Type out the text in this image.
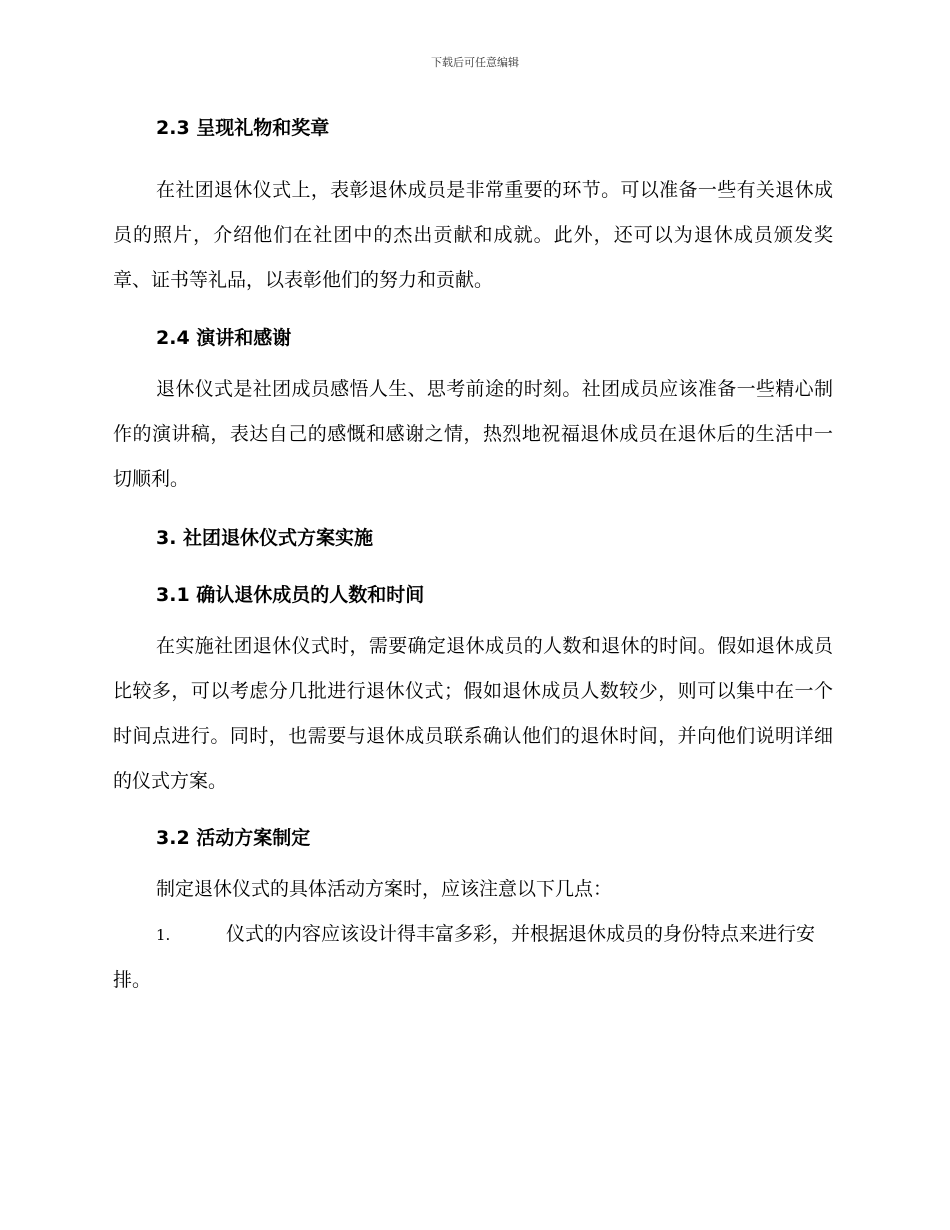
下载后可任意编辑
2.3 呈现礼物和奖章

在社团退休仪式上，表彰退休成员是非常重要的环节。可以准备一些有关退休成员的照片，介绍他们在社团中的杰出贡献和成就。此外，还可以为退休成员颁发奖章、证书等礼品，以表彰他们的努力和贡献。

2.4 演讲和感谢

退休仪式是社团成员感悟人生、思考前途的时刻。社团成员应该准备一些精心制作的演讲稿，表达自己的感慨和感谢之情，热烈地祝福退休成员在退休后的生活中一切顺利。

3. 社团退休仪式方案实施
3.1 确认退休成员的人数和时间

在实施社团退休仪式时，需要确定退休成员的人数和退休的时间。假如退休成员比较多，可以考虑分几批进行退休仪式；假如退休成员人数较少，则可以集中在一个时间点进行。同时，也需要与退休成员联系确认他们的退休时间，并向他们说明详细的仪式方案。

3.2 活动方案制定

制定退休仪式的具体活动方案时，应该注意以下几点：

1.	仪式的内容应该设计得丰富多彩，并根据退休成员的身份特点来进行安排。
